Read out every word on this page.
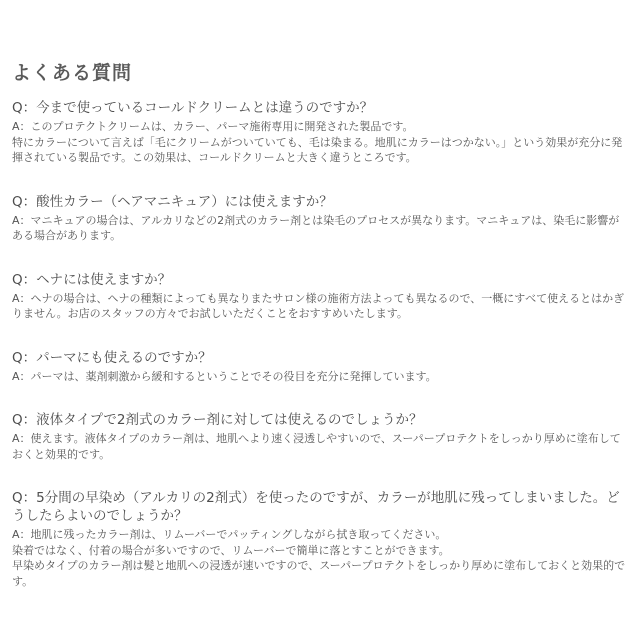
よくある質問
Q：今まで使っているコールドクリームとは違うのですか？

A：このプロテクトクリームは、カラー、パーマ施術専用に開発された製品です。
特にカラーについて言えば「毛にクリームがついていても、毛は染まる。地肌にカラーはつかない。」という効果が充分に発揮されている製品です。この効果は、コールドクリームと大きく違うところです。

Q：酸性カラー（ヘアマニキュア）には使えますか？

A：マニキュアの場合は、アルカリなどの2剤式のカラー剤とは染毛のプロセスが異なります。マニキュアは、染毛に影響がある場合があります。

Q：ヘナには使えますか？

A：ヘナの場合は、ヘナの種類によっても異なりまたサロン様の施術方法よっても異なるので、一概にすべて使えるとはかぎりません。お店のスタッフの方々でお試しいただくことをおすすめいたします。

Q：パーマにも使えるのですか？

A：パーマは、薬剤刺激から緩和するということでその役目を充分に発揮しています。

Q：液体タイプで2剤式のカラー剤に対しては使えるのでしょうか？

A：使えます。液体タイプのカラー剤は、地肌へより速く浸透しやすいので、スーパープロテクトをしっかり厚めに塗布しておくと効果的です。

Q：5分間の早染め（アルカリの2剤式）を使ったのですが、カラーが地肌に残ってしまいました。どうしたらよいのでしょうか？

A：地肌に残ったカラー剤は、リムーバーでパッティングしながら拭き取ってください。
染着ではなく、付着の場合が多いですので、リムーバーで簡単に落とすことができます。
早染めタイプのカラー剤は髪と地肌への浸透が速いですので、スーパープロテクトをしっかり厚めに塗布しておくと効果的です。
